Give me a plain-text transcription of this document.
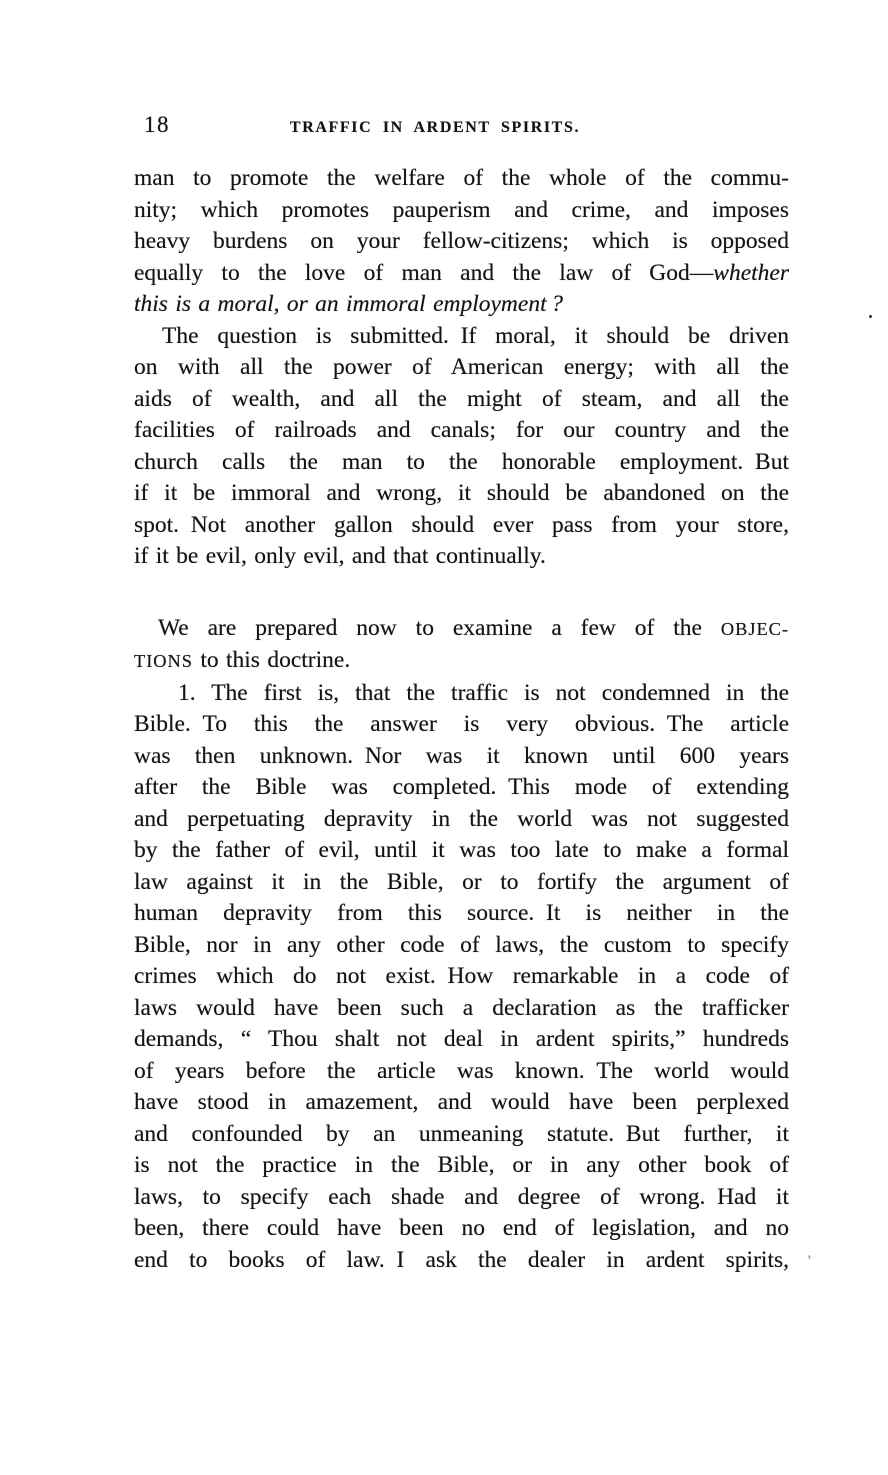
18	TRAFFIC IN ARDENT SPIRITS.
man to promote the welfare of the whole of the commu-
nity; which promotes pauperism and crime, and imposes
heavy burdens on your fellow-citizens; which is opposed
equally to the love of man and the law of God—whether
this is a moral, or an immoral employment ?
The question is submitted. If moral, it should be driven
on with all the power of American energy; with all the
aids of wealth, and all the might of steam, and all the
facilities of railroads and canals; for our country and the
church calls the man to the honorable employment. But
if it be immoral and wrong, it should be abandoned on the
spot. Not another gallon should ever pass from your store,
if it be evil, only evil, and that continually.
We are prepared now to examine a few of the OBJEC-
TIONS to this doctrine.
1. The first is, that the traffic is not condemned in the
Bible. To this the answer is very obvious. The article
was then unknown. Nor was it known until 600 years
after the Bible was completed. This mode of extending
and perpetuating depravity in the world was not suggested
by the father of evil, until it was too late to make a formal
law against it in the Bible, or to fortify the argument of
human depravity from this source. It is neither in the
Bible, nor in any other code of laws, the custom to specify
crimes which do not exist. How remarkable in a code of
laws would have been such a declaration as the trafficker
demands, “ Thou shalt not deal in ardent spirits,” hundreds
of years before the article was known. The world would
have stood in amazement, and would have been perplexed
and confounded by an unmeaning statute. But further, it
is not the practice in the Bible, or in any other book of
laws, to specify each shade and degree of wrong. Had it
been, there could have been no end of legislation, and no
end to books of law. I ask the dealer in ardent spirits, ‚
